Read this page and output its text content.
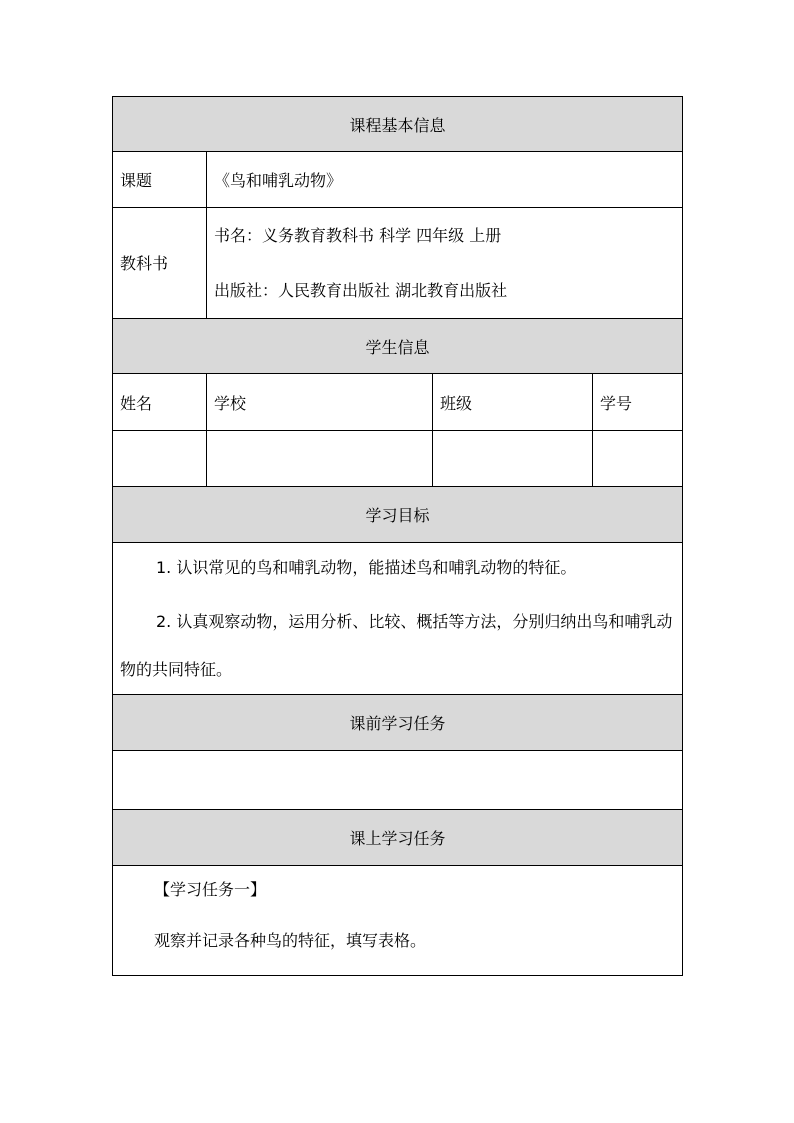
课程基本信息			
课题	《鸟和哺乳动物》		

教科书	书名：义务教育教科书 科学 四年级 上册
出版社：人民教育出版社 湖北教育出版社		

学生信息			
姓名	学校	班级	学号

学习目标			

1. 认识常见的鸟和哺乳动物，能描述鸟和哺乳动物的特征。
2. 认真观察动物，运用分析、比较、概括等方法，分别归纳出鸟和哺乳动物的共同特征。			

课前学习任务			

课上学习任务			

【学习任务一】
观察并记录各种鸟的特征，填写表格。			
